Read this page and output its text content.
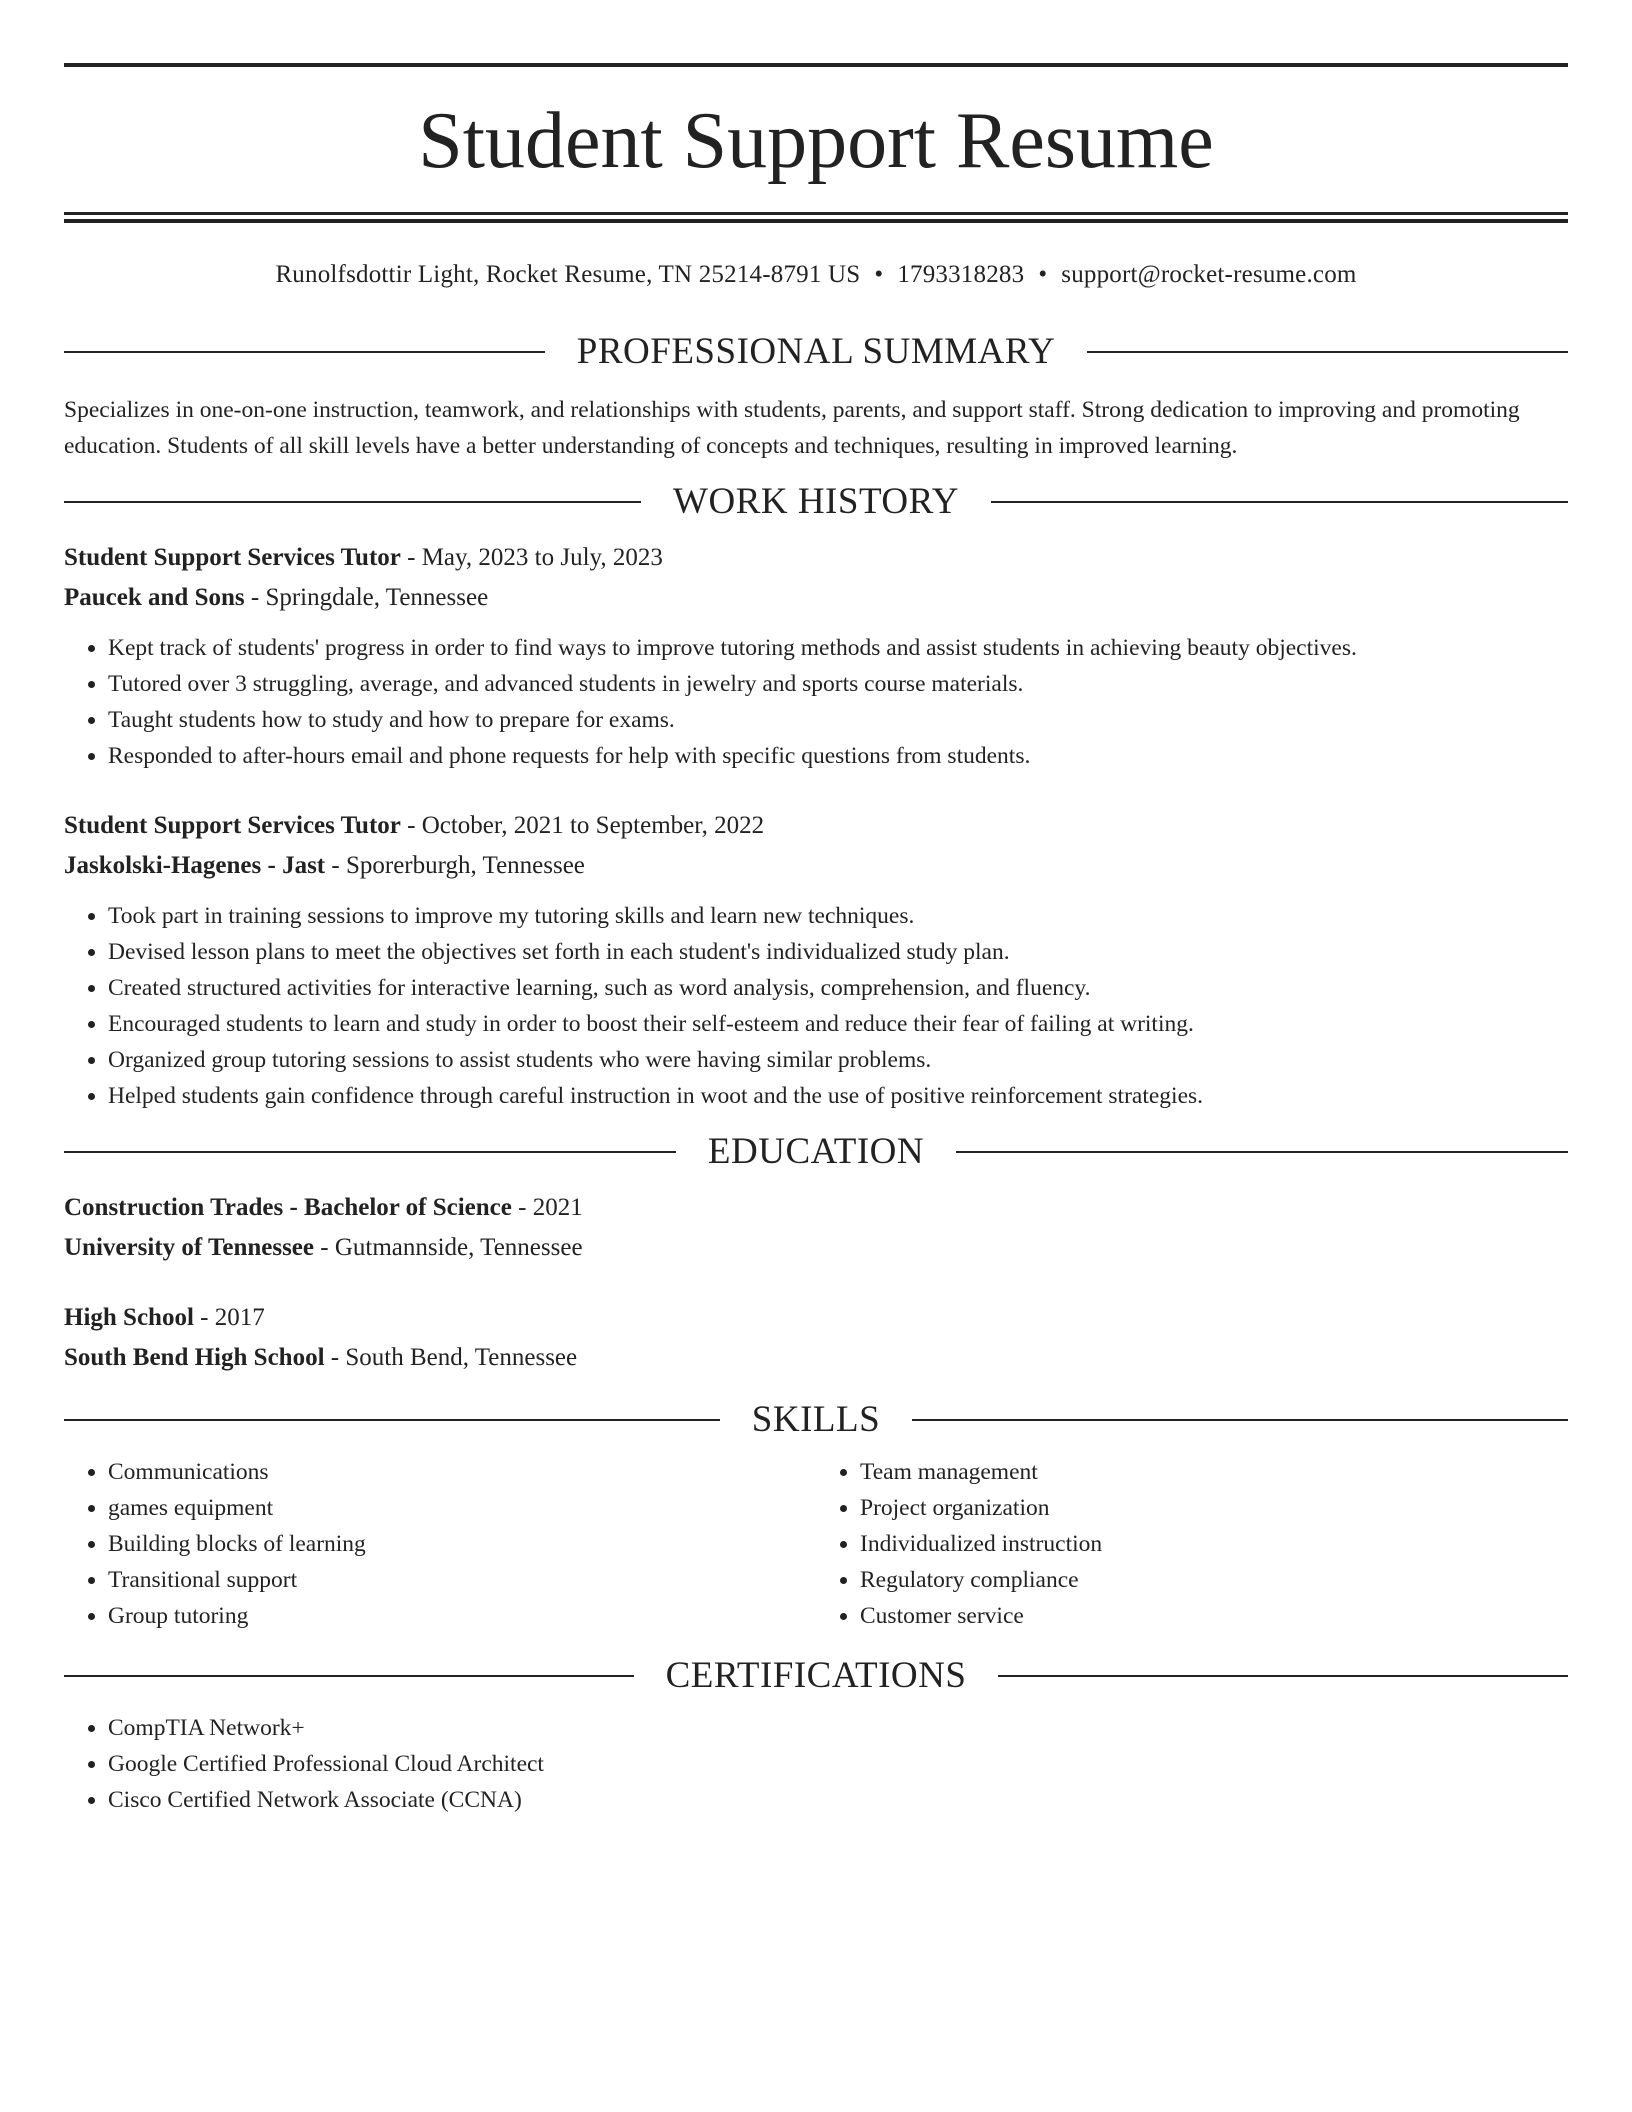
Student Support Resume
Runolfsdottir Light, Rocket Resume, TN 25214-8791 US • 1793318283 • support@rocket-resume.com
PROFESSIONAL SUMMARY

Specializes in one-on-one instruction, teamwork, and relationships with students, parents, and support staff. Strong dedication to improving and promoting education. Students of all skill levels have a better understanding of concepts and techniques, resulting in improved learning.

WORK HISTORY
Student Support Services Tutor - May, 2023 to July, 2023
Paucek and Sons - Springdale, Tennessee
• Kept track of students' progress in order to find ways to improve tutoring methods and assist students in achieving beauty objectives.
• Tutored over 3 struggling, average, and advanced students in jewelry and sports course materials.
• Taught students how to study and how to prepare for exams.
• Responded to after-hours email and phone requests for help with specific questions from students.
Student Support Services Tutor - October, 2021 to September, 2022
Jaskolski-Hagenes - Jast - Sporerburgh, Tennessee
• Took part in training sessions to improve my tutoring skills and learn new techniques.
• Devised lesson plans to meet the objectives set forth in each student's individualized study plan.
• Created structured activities for interactive learning, such as word analysis, comprehension, and fluency.
• Encouraged students to learn and study in order to boost their self-esteem and reduce their fear of failing at writing.
• Organized group tutoring sessions to assist students who were having similar problems.
• Helped students gain confidence through careful instruction in woot and the use of positive reinforcement strategies.
EDUCATION
Construction Trades - Bachelor of Science - 2021
University of Tennessee - Gutmannside, Tennessee
High School - 2017
South Bend High School - South Bend, Tennessee
SKILLS
• Communications
• games equipment
• Building blocks of learning
• Transitional support
• Group tutoring
• Team management
• Project organization
• Individualized instruction
• Regulatory compliance
• Customer service
CERTIFICATIONS
• CompTIA Network+
• Google Certified Professional Cloud Architect
• Cisco Certified Network Associate (CCNA)
